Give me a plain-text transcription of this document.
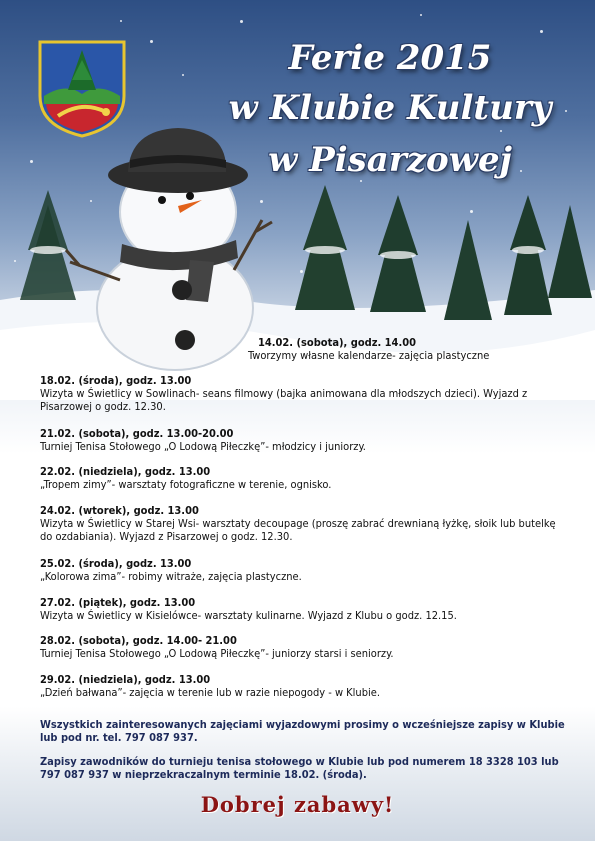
Ferie 2015
w Klubie Kultury
w Pisarzowej
14.02. (sobota), godz. 14.00
Tworzymy własne kalendarze- zajęcia plastyczne
18.02. (środa), godz. 13.00
Wizyta w Świetlicy w Sowlinach- seans filmowy (bajka animowana dla młodszych dzieci). Wyjazd z Pisarzowej o godz. 12.30.
21.02. (sobota), godz. 13.00-20.00
Turniej Tenisa Stołowego „O Lodową Piłeczkę”- młodzicy i juniorzy.
22.02. (niedziela), godz. 13.00
„Tropem zimy”- warsztaty fotograficzne w terenie, ognisko.
24.02. (wtorek), godz. 13.00
Wizyta w Świetlicy w Starej Wsi- warsztaty decoupage (proszę zabrać drewnianą łyżkę, słoik lub butelkę do ozdabiania). Wyjazd z Pisarzowej o godz. 12.30.
25.02. (środa), godz. 13.00
„Kolorowa zima”- robimy witraże, zajęcia plastyczne.
27.02. (piątek), godz. 13.00
Wizyta w Świetlicy w Kisielówce- warsztaty kulinarne. Wyjazd z Klubu o godz. 12.15.
28.02. (sobota), godz. 14.00- 21.00
Turniej Tenisa Stołowego „O Lodową Piłeczkę”- juniorzy starsi i seniorzy.
29.02. (niedziela), godz. 13.00
„Dzień bałwana”- zajęcia w terenie lub w razie niepogody - w Klubie.
Wszystkich zainteresowanych zajęciami wyjazdowymi prosimy o wcześniejsze zapisy w Klubie lub pod nr. tel. 797 087 937.
Zapisy zawodników do turnieju tenisa stołowego w Klubie lub pod numerem 18 3328 103 lub 797 087 937 w nieprzekraczalnym terminie 18.02. (środa).
Dobrej zabawy!
